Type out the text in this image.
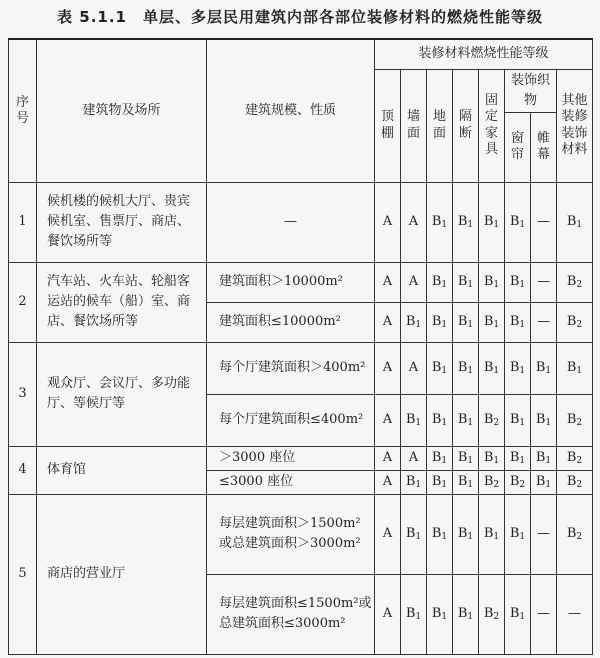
表 5.1.1　单层、多层民用建筑内部各部位装修材料的燃烧性能等级
序号	建筑物及场所	建筑规模、性质	装修材料燃烧性能等级							
			顶棚	墙面	地面	隔断	固定家具	装饰织物		其他装修装饰材料
								窗帘	帷幕	
1	候机楼的候机大厅、贵宾候机室、售票厅、商店、餐饮场所等	—	A	A	$B_1$	$B_1$	$B_1$	$B_1$	—	$B_1$
2	汽车站、火车站、轮船客运站的候车（船）室、商店、餐饮场所等	建筑面积＞10000m²	A	A	$B_1$	$B_1$	$B_1$	$B_1$	—	$B_2$
		建筑面积≤10000m²	A	$B_1$	$B_1$	$B_1$	$B_1$	$B_1$	—	$B_2$
3	观众厅、会议厅、多功能厅、等候厅等	每个厅建筑面积＞400m²	A	A	$B_1$	$B_1$	$B_1$	$B_1$	$B_1$	$B_1$
		每个厅建筑面积≤400m²	A	$B_1$	$B_1$	$B_1$	$B_2$	$B_1$	$B_1$	$B_2$
4	体育馆	＞3000 座位	A	A	$B_1$	$B_1$	$B_1$	$B_1$	$B_1$	$B_2$
		≤3000 座位	A	$B_1$	$B_1$	$B_1$	$B_2$	$B_2$	$B_1$	$B_2$
5	商店的营业厅	每层建筑面积＞1500m²或总建筑面积＞3000m²	A	$B_1$	$B_1$	$B_1$	$B_1$	$B_1$	—	$B_2$
		每层建筑面积≤1500m²或总建筑面积≤3000m²	A	$B_1$	$B_1$	$B_1$	$B_2$	$B_1$	—	—
